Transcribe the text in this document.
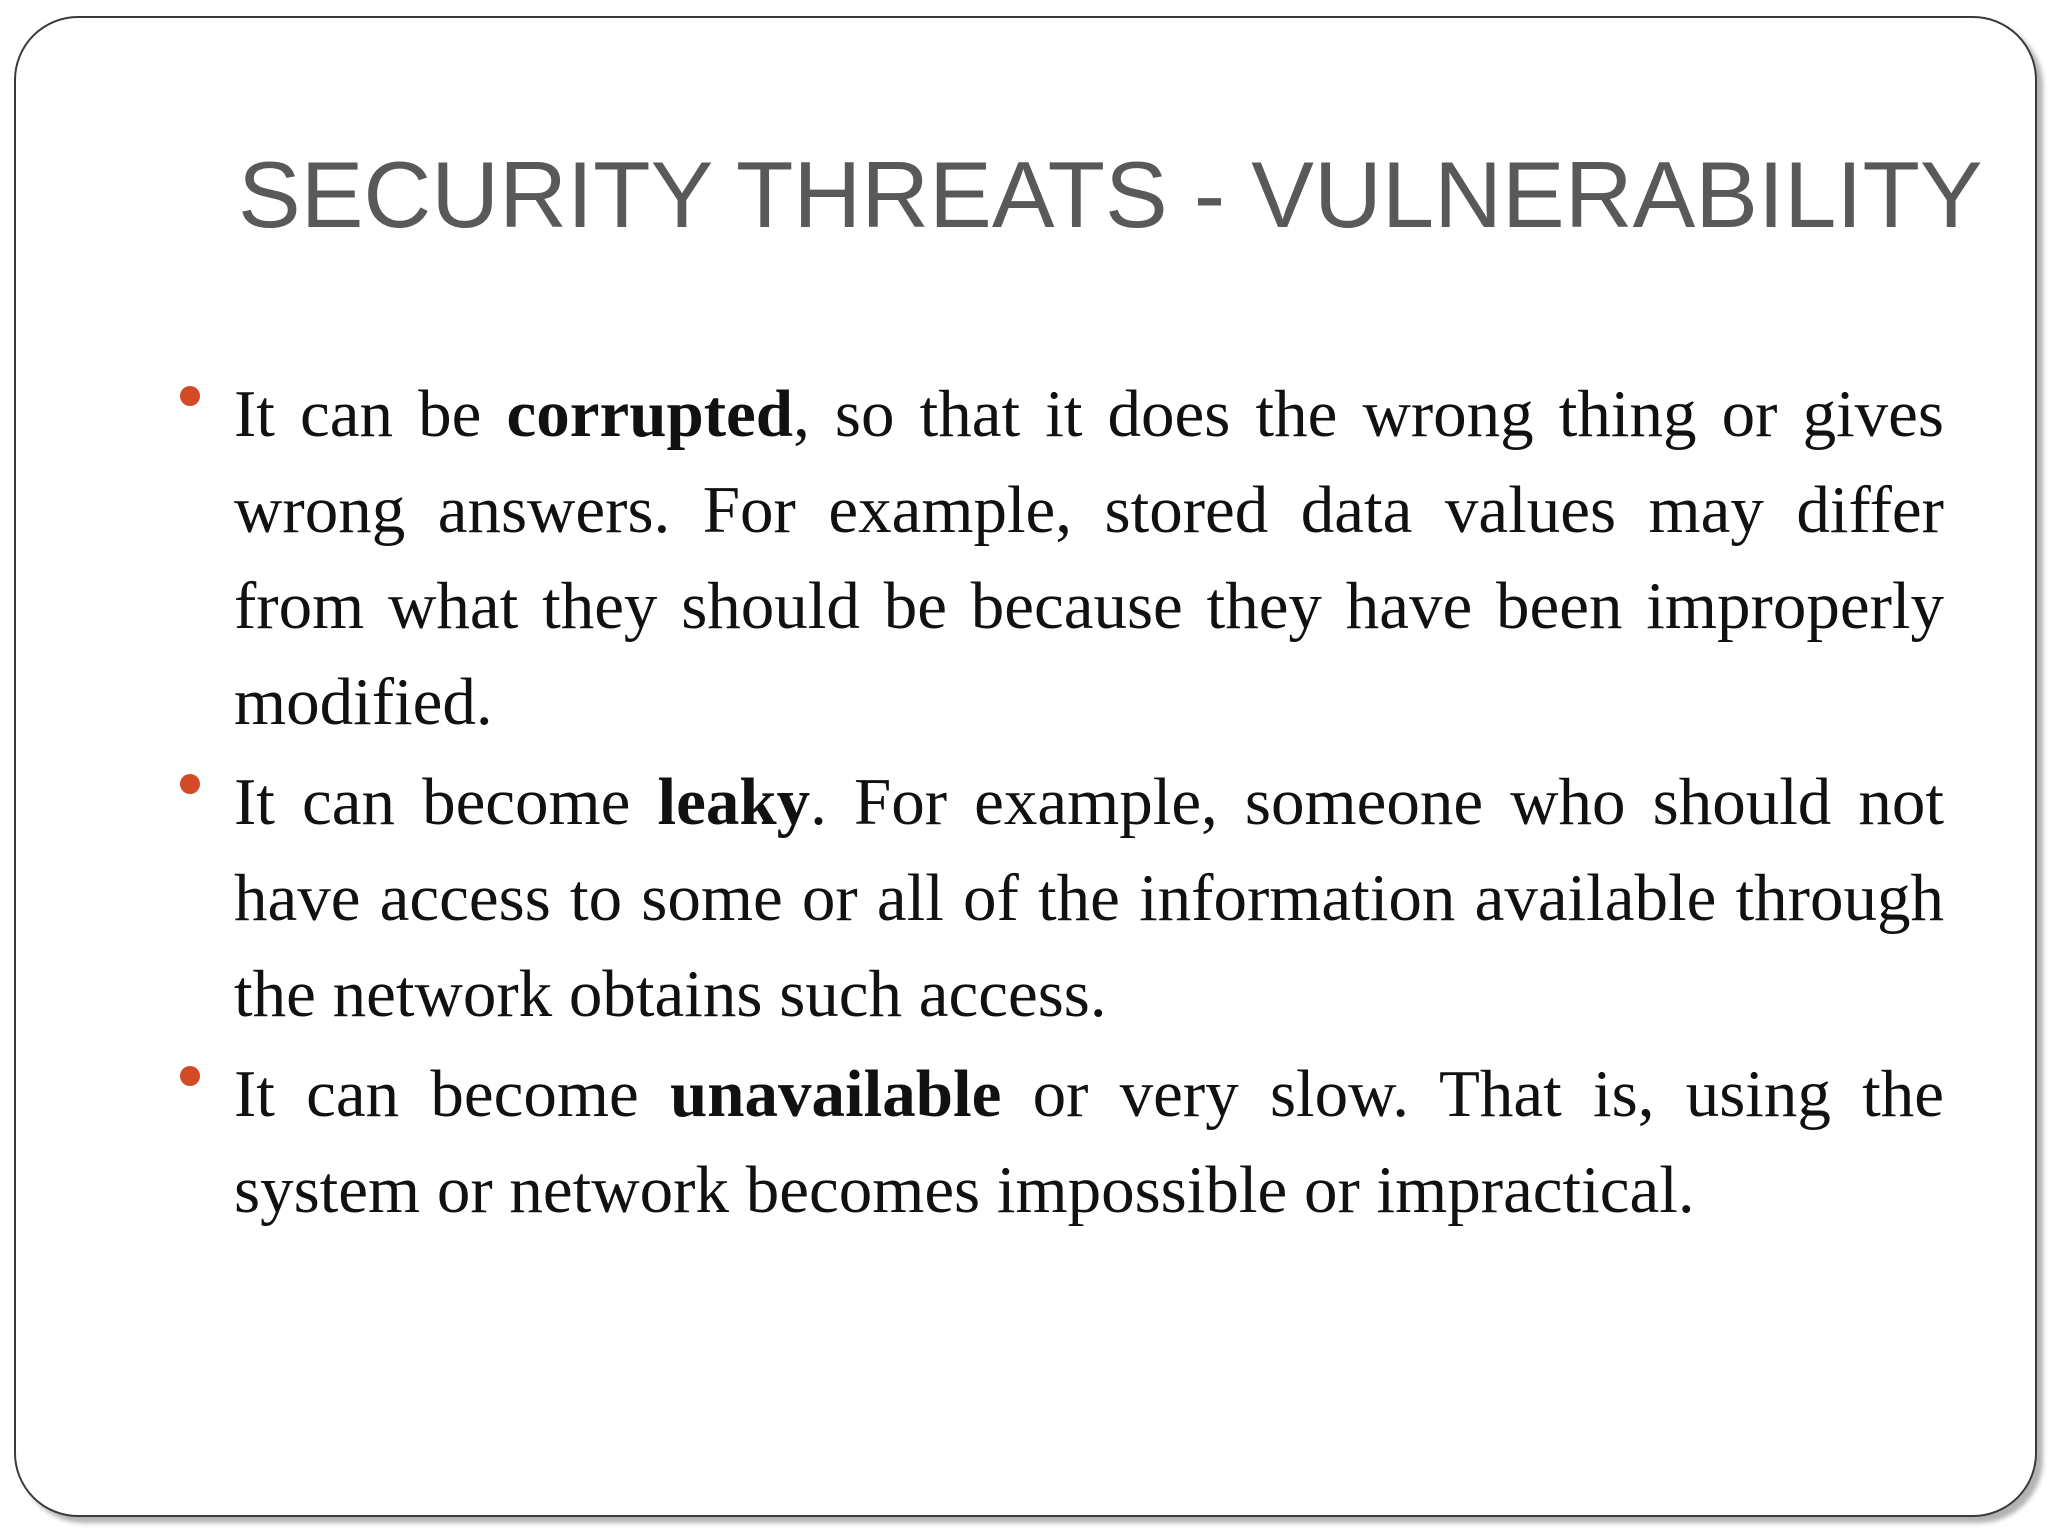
SECURITY THREATS - VULNERABILITY
It can be corrupted, so that it does the wrong thing or gives wrong answers. For example, stored data values may differ from what they should be because they have been improperly modified.
It can become leaky. For example, someone who should not have access to some or all of the information available through the network obtains such access.
It can become unavailable or very slow. That is, using the system or network becomes impossible or impractical.
